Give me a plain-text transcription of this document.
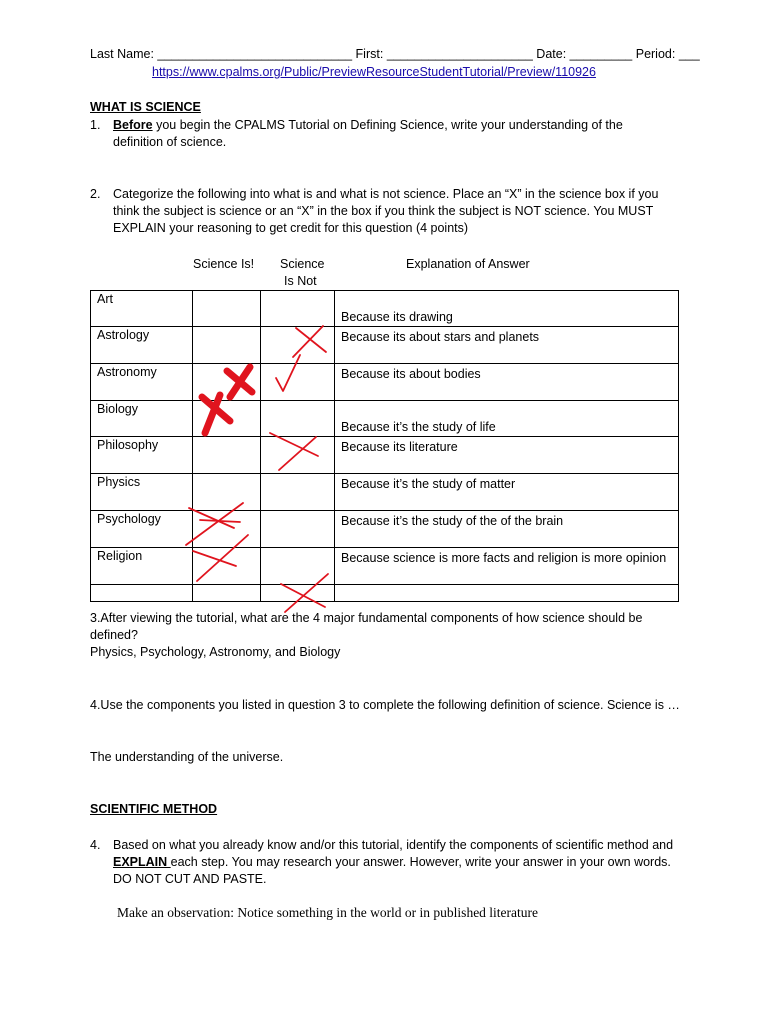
Last Name: ____________________________ First: _____________________ Date: _________ Period: ___
https://www.cpalms.org/Public/PreviewResourceStudentTutorial/Preview/110926
WHAT IS SCIENCE
1. Before you begin the CPALMS Tutorial on Defining Science, write your understanding of the definition of science.
2. Categorize the following into what is and what is not science. Place an “X” in the science box if you think the subject is science or an “X” in the box if you think the subject is NOT science. You MUST EXPLAIN your reasoning to get credit for this question (4 points)
Science Is! Science
Is Not
Explanation of Answer
Art			Because its drawing
Astrology			Because its about stars and planets
Astronomy			Because its about bodies
Biology			Because it’s the study of life
Philosophy			Because its literature
Physics			Because it’s the study of matter
Psychology			Because it’s the study of the of the brain
Religion			Because science is more facts and religion is more opinion

3.After viewing the tutorial, what are the 4 major fundamental components of how science should be defined?
Physics, Psychology, Astronomy, and Biology
4.Use the components you listed in question 3 to complete the following definition of science. Science is …
The understanding of the universe.
SCIENTIFIC METHOD
4. Based on what you already know and/or this tutorial, identify the components of scientific method and EXPLAIN each step. You may research your answer. However, write your answer in your own words. DO NOT CUT AND PASTE.
Make an observation: Notice something in the world or in published literature
